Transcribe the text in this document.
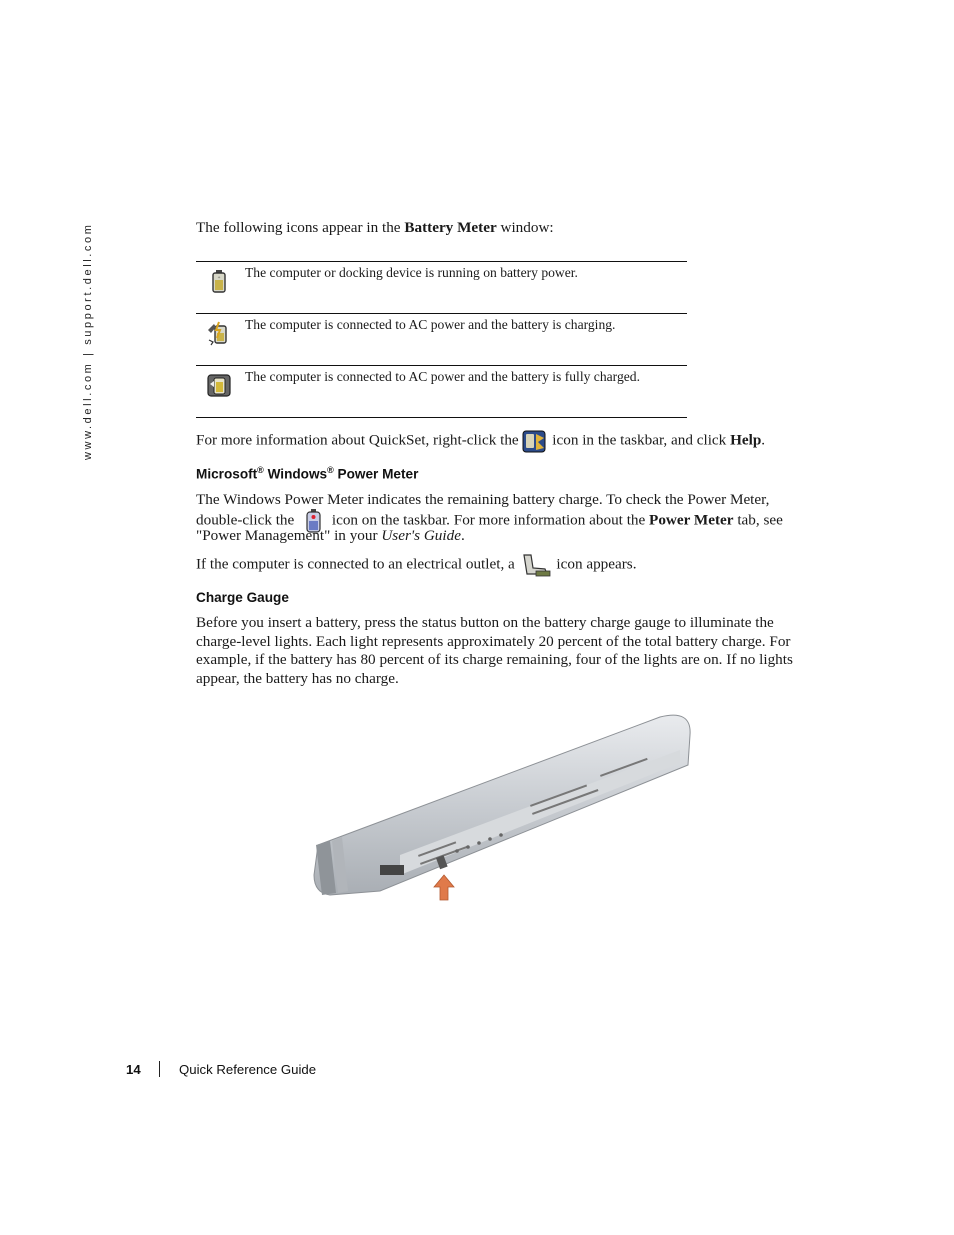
www.dell.com | support.dell.com	The following icons appear in the Battery Meter window:

+ The computer or docking device is running on battery power.
The computer is connected to AC power and the battery is charging.
The computer is connected to AC power and the battery is fully charged.

For more information about QuickSet, right-click the  icon in the taskbar, and click Help.

Microsoft® Windows® Power Meter

The Windows Power Meter indicates the remaining battery charge. To check the Power Meter,

double-click the  icon on the taskbar. For more information about the Power Meter tab, see

"Power Management" in your User's Guide.

If the computer is connected to an electrical outlet, a  icon appears.

Charge Gauge

Before you insert a battery, press the status button on the battery charge gauge to illuminate the

charge-level lights. Each light represents approximately 20 percent of the total battery charge. For

example, if the battery has 80 percent of its charge remaining, four of the lights are on. If no lights

appear, the battery has no charge.

14	Quick Reference Guide
